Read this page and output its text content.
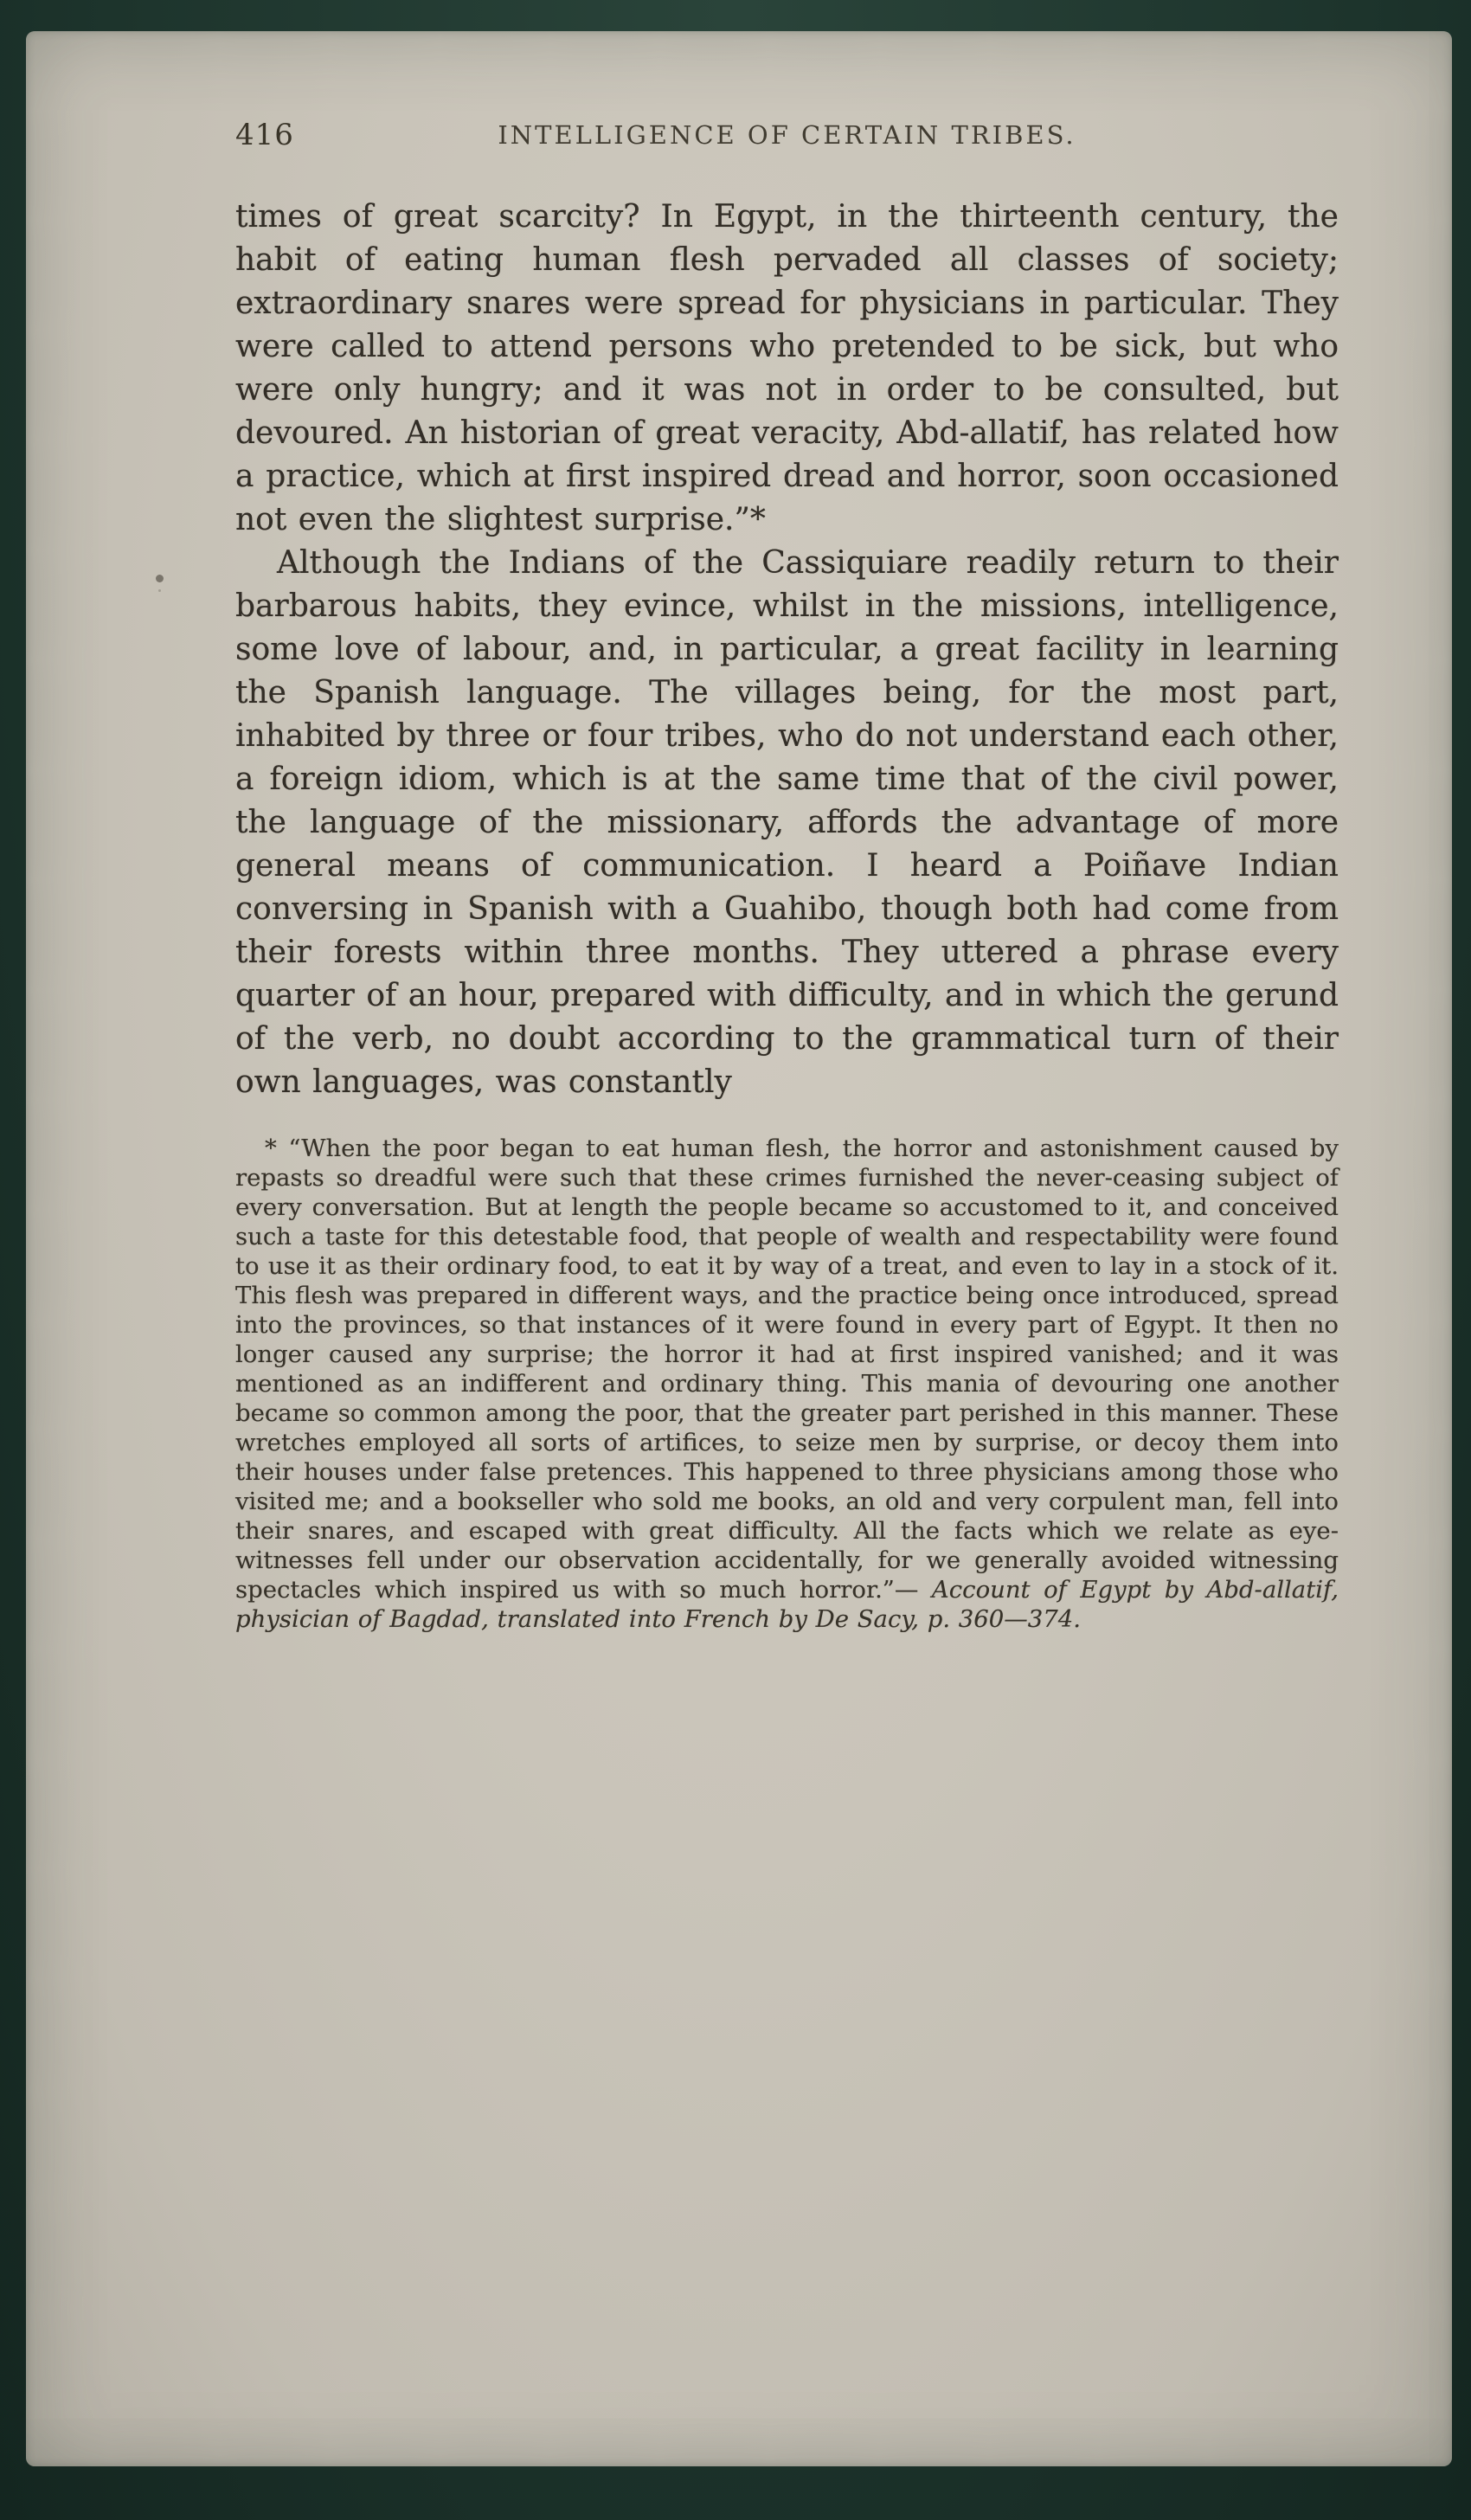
416	INTELLIGENCE OF CERTAIN TRIBES.

times of great scarcity? In Egypt, in the thirteenth century, the habit of eating human flesh pervaded all classes of society; extraordinary snares were spread for physicians in particular. They were called to attend persons who pretended to be sick, but who were only hungry; and it was not in order to be consulted, but devoured. An historian of great veracity, Abd-allatif, has related how a practice, which at first inspired dread and horror, soon occasioned not even the slightest surprise.”*

Although the Indians of the Cassiquiare readily return to their barbarous habits, they evince, whilst in the missions, intelligence, some love of labour, and, in particular, a great facility in learning the Spanish language. The villages being, for the most part, inhabited by three or four tribes, who do not understand each other, a foreign idiom, which is at the same time that of the civil power, the language of the missionary, affords the advantage of more general means of communication. I heard a Poiñave Indian conversing in Spanish with a Guahibo, though both had come from their forests within three months. They uttered a phrase every quarter of an hour, prepared with difficulty, and in which the gerund of the verb, no doubt according to the grammatical turn of their own languages, was constantly

* “When the poor began to eat human flesh, the horror and astonishment caused by repasts so dreadful were such that these crimes furnished the never-ceasing subject of every conversation. But at length the people became so accustomed to it, and conceived such a taste for this detestable food, that people of wealth and respectability were found to use it as their ordinary food, to eat it by way of a treat, and even to lay in a stock of it. This flesh was prepared in different ways, and the practice being once introduced, spread into the provinces, so that instances of it were found in every part of Egypt. It then no longer caused any surprise; the horror it had at first inspired vanished; and it was mentioned as an indifferent and ordinary thing. This mania of devouring one another became so common among the poor, that the greater part perished in this manner. These wretches employed all sorts of artifices, to seize men by surprise, or decoy them into their houses under false pretences. This happened to three physicians among those who visited me; and a bookseller who sold me books, an old and very corpulent man, fell into their snares, and escaped with great difficulty. All the facts which we relate as eye-witnesses fell under our observation accidentally, for we generally avoided witnessing spectacles which inspired us with so much horror.”— Account of Egypt by Abd-allatif, physician of Bagdad, translated into French by De Sacy, p. 360—374.
